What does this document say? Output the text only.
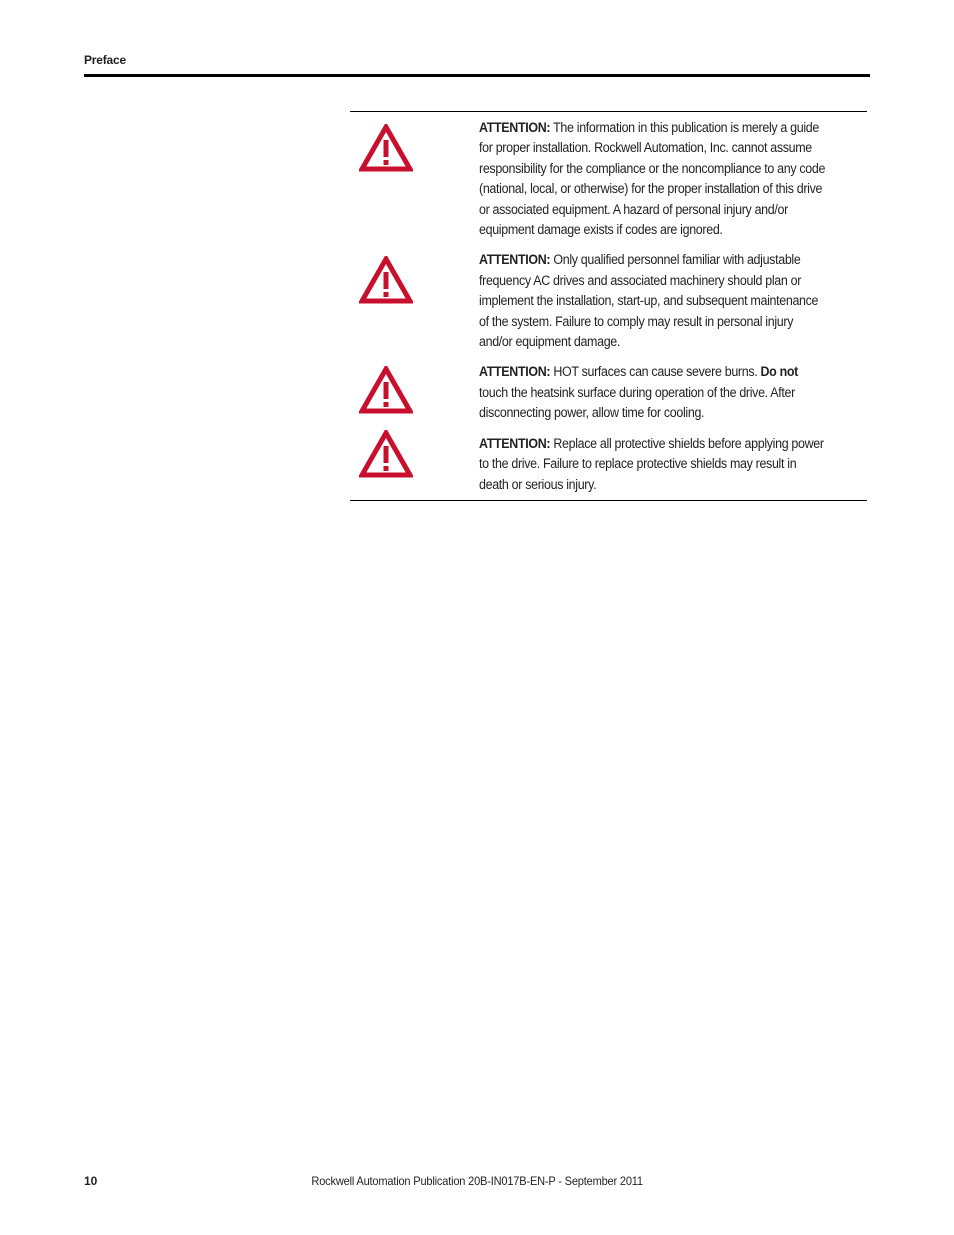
Preface
ATTENTION: The information in this publication is merely a guide for proper installation. Rockwell Automation, Inc. cannot assume responsibility for the compliance or the noncompliance to any code (national, local, or otherwise) for the proper installation of this drive or associated equipment. A hazard of personal injury and/or equipment damage exists if codes are ignored.
ATTENTION: Only qualified personnel familiar with adjustable frequency AC drives and associated machinery should plan or implement the installation, start-up, and subsequent maintenance of the system. Failure to comply may result in personal injury and/or equipment damage.
ATTENTION: HOT surfaces can cause severe burns. Do not touch the heatsink surface during operation of the drive. After disconnecting power, allow time for cooling.
ATTENTION: Replace all protective shields before applying power to the drive. Failure to replace protective shields may result in death or serious injury.
10	Rockwell Automation Publication 20B-IN017B-EN-P - September 2011
